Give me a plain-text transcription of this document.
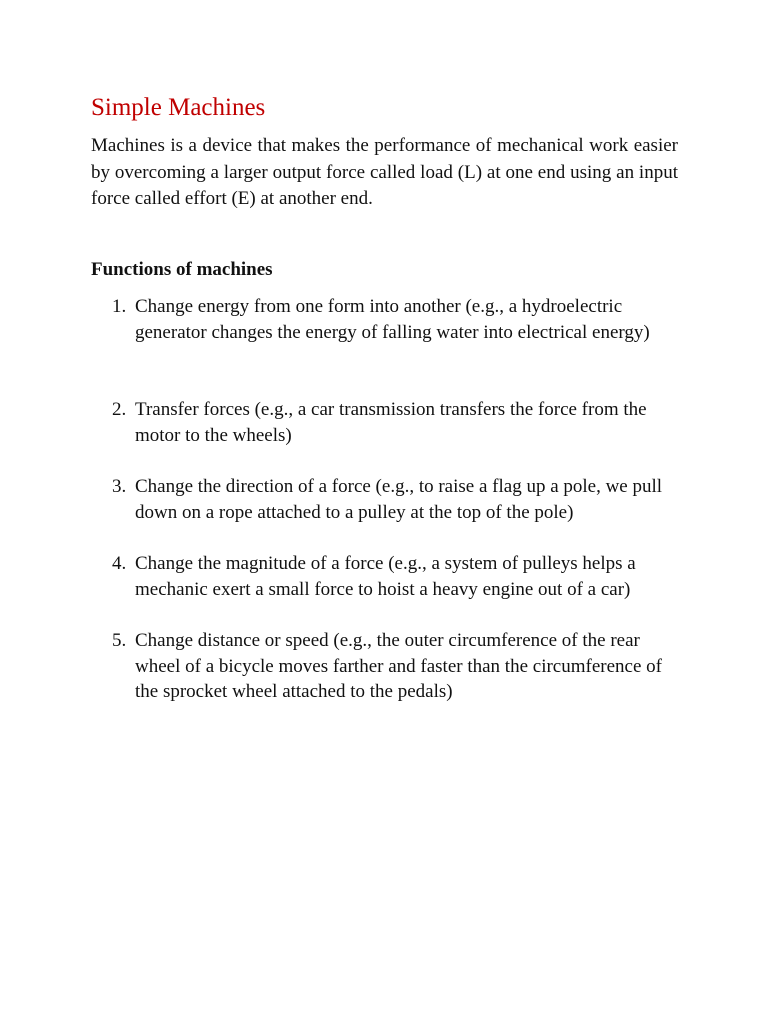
Simple Machines

Machines is a device that makes the performance of mechanical work easier by overcoming a larger output force called load (L) at one end using an input force called effort (E) at another end.

Functions of machines
1. Change energy from one form into another (e.g., a hydroelectric generator changes the energy of falling water into electrical energy)
2. Transfer forces (e.g., a car transmission transfers the force from the motor to the wheels)
3. Change the direction of a force (e.g., to raise a flag up a pole, we pull down on a rope attached to a pulley at the top of the pole)
4. Change the magnitude of a force (e.g., a system of pulleys helps a mechanic exert a small force to hoist a heavy engine out of a car)
5. Change distance or speed (e.g., the outer circumference of the rear wheel of a bicycle moves farther and faster than the circumference of the sprocket wheel attached to the pedals)
